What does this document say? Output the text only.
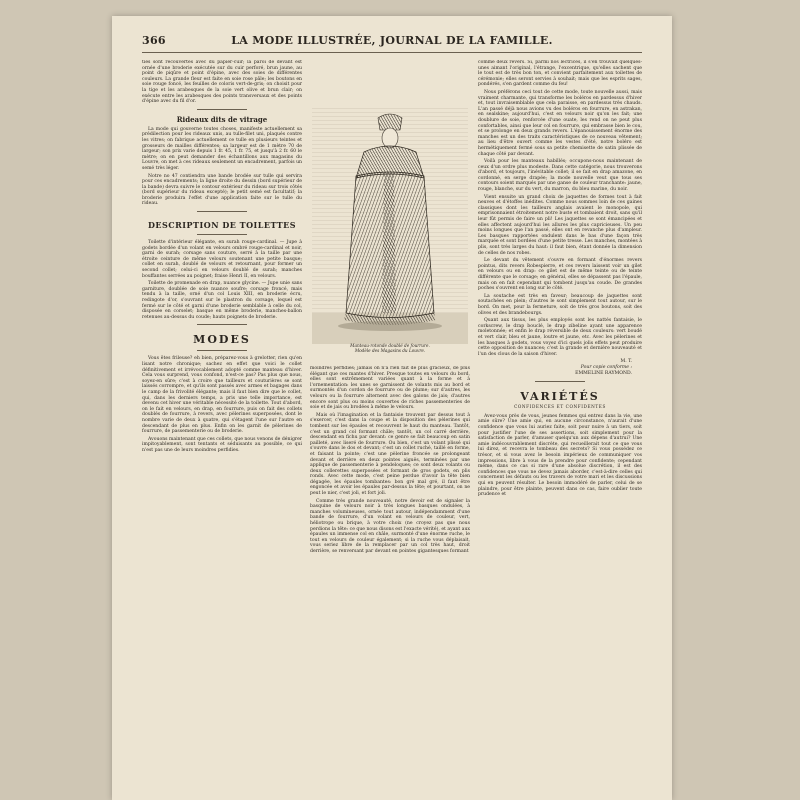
366	LA MODE ILLUSTRÉE, JOURNAL DE LA FAMILLE.

ties sont recouvertes avec du papier-cuir; la paroi de devant est ornée d'une broderie exécutée sur du cuir perforé, brun jaune, au point de piqûre et point d'épine, avec des soies de différentes couleurs. La grande fleur est faite en soie rose pâle; les boutons en soie rouge foncé, les feuilles de coloris vert-de-gris; on choisit pour la tige et les arabesques de la soie vert olive et brun clair; on exécute entre les arabesques des points transversaux et des points d'épine avec du fil d'or.

Rideaux dits de vitrage

La mode qui gouverne toutes choses, manifeste actuellement sa prédilection pour les rideaux unis, au tulle-filet uni, plaqués contre les vitres; on fabrique actuellement ce tulle en plusieurs teintes et grosseurs de mailles différentes; sa largeur est de 1 mètre 70 de largeur; son prix varie depuis 1 fr. 45, 1 fr. 75, et jusqu'à 2 fr. 60 le mètre; on en peut demander des échantillons aux magasins du Louvre, on met à ces rideaux seulement un encadrement, parfois un semé très léger.

Notre no 47 contiendra une bande brodée sur tulle qui servira pour ces encadrements; la ligne droite du dessin (bord supérieur de la bande) devra suivre le contour extérieur du rideau sur trois côtés (bord supérieur du rideau excepté); le petit semé est facultatif; la broderie produira l'effet d'une application faite sur le tulle du rideau.

DESCRIPTION DE TOILETTES

Toilette d'intérieur élégante, en surah rouge-cardinal. — Jupe à godets bordée d'un volant en velours ombré rouge-cardinal et noir, garni de surah; corsage sans couture, serré à la taille par une étroite ceinture de même velours soutenant une petite basque; collet en surah, doublé de velours et retournant, pour former un second collet; celui-ci en velours doublé de surah; manches bouffantes serrées au poignet; fraise Henri II, en velours.

Toilette de promenade en drap, nuance glycine. — Jupe unie sans garniture, doublée de soie nuance soufre; corsage froncé, mais tendu à la taille, orné d'un col Louis XIII, en broderie écru, redingote d'or, s'ouvrant sur le plastron du corsage, lequel est fermé sur le côté et garni d'une broderie semblable à celle du col, disposée en corselet; basque en même broderie, manches-ballon retenues au-dessus du coude; hauts poignets de broderie.

MODES

Vous êtes frileuse? eh bien, préparez-vous à grelotter, rien qu'en lisant notre chronique; sachez en effet que voici le collet définitivement et irrévocablement adopté comme manteau d'hiver. Cela vous surprend, vous confond, n'est-ce pas? Pas plus que nous, soyez-en sûre; c'est à croire que tailleurs et couturières se sont laissés corrompre, et qu'ils sont passés avec armes et bagages dans le camp de la frivolité élégante; mais il faut bien dire que le collet, qui, dans les derniers temps, a pris une telle importance, est devenu cet hiver une véritable nécessité de la toilette. Tout d'abord, on le fait en velours, en drap, en fourrure, puis on fait des collets doublés de fourrure, à revers, avec pèlerines superposées, dont le nombre varie de deux à quatre, qui s'étagent l'une sur l'autre en descendant de plus en plus. Enfin on les garnit de pèlerines de fourrure, de passementerie ou de broderie.

Avouons maintenant que ces collets, que nous venons de dénigrer impitoyablement, sont tentants et séduisants au possible, ce qui n'est pas une de leurs moindres perfidies.

Manteau-rotonde doublé de fourrure.
Modèle des Magasins du Louvre.

moindres perfidies; jamais on n'a rien fait de plus gracieux, de plus élégant que ces mantes d'hiver. Presque toutes en velours du bord, elles sont extrêmement variées quant à la forme et à l'ornementation: les unes se garnissent de volants mis au bord et surmontés d'un cordon de fourrure ou de plume; sur d'autres, les velours ou la fourrure alternent avec des galons de jais; d'autres encore sont plus ou moins couvertes de riches passementeries de soie et de jais ou brodées à même le velours.

Mais où l'imagination et la fantaisie trouvent par dessus tout à s'exercer, c'est dans la coupe et la disposition des pèlerines qui tombent sur les épaules et recouvrent le haut du manteau. Tantôt, c'est un grand col formant châle; tantôt, un col carré derrière, descendant en fichu par devant: ce genre se fait beaucoup en satin pailleté, avec liseré de fourrure. Ou bien, c'est un volant plissé qui s'ouvre dans le dos et devant; c'est un collet ruché, taillé en forme, et faisant la pointe; c'est une pèlerine froncée se prolongeant devant et derrière en deux pointes aiguës, terminées par une applique de passementerie à pendeloques; ce sont deux volants ou deux collerettes superposées et formant de gros godets, en plis ronds. Avec cette mode, c'est peine perdue d'avoir la tête bien dégagée, les épaules tombantes: bon gré mal gré, il faut être engoncée et avoir les épaules par-dessus la tête; et pourtant, on ne peut le nier, c'est joli, et fort joli.

Comme très grande nouveauté, notre devoir est de signaler la basquine de velours noir à très longues basques ondulées, à manches volumineuses, ornée tout autour, indépendamment d'une bande de fourrure, d'un volant en velours de couleur, vert, héliotrope ou brique, à votre choix (ne croyez pas que nous perdions la tête: ce que nous disons est l'exacte vérité), et ayant aux épaules un immense col en châle, surmonté d'une énorme ruche, le tout en velours de couleur également; si la ruche vous déplaisait, vous seriez libre de la remplacer par un col très haut, droit derrière, se renversant par devant en pointes gigantesques formant

comme deux revers. Si, parmi nos lectrices, il s'en trouvait quelques-unes aimant l'original, l'étrange, l'excentrique, qu'elles sachent que le tout est de très bon ton, et convient parfaitement aux toilettes de cérémonie; elles seront servies à souhait; mais que les esprits sages, pondérés, s'en gardent comme du feu!

Nous préférons ceci tout de cette mode, toute nouvelle aussi, mais vraiment charmante, qui transforme les boléros en pardessus d'hiver et, tout invraisemblable que cela paraisse, en pardessus très chauds. L'an passé déjà nous avions vu des boléros en fourrure, en astrakan, en sealskine; aujourd'hui, c'est en velours noir qu'on les fait; une doublure de soie, renforcée d'une ouate, les rend on ne peut plus confortables, ainsi que leur col en fourrure, qui embrasse bien le cou, et se prolonge en deux grands revers. L'épanouissement énorme des manches est un des traits caractéristiques de ce nouveau vêtement; au lieu d'être ouvert comme les vestes d'été, notre boléro est hermétiquement fermé sous sa petite chemisette de satin plissée de chaque côté par devant.

Voilà pour les manteaux habillés; occupons-nous maintenant de ceux d'un ordre plus modeste. Dans cette catégorie, nous trouverons d'abord, et toujours, l'inévitable collet; il se fait en drap amazone, en cordonné, en serge drapée; la mode nouvelle veut que tous ses contours soient marqués par une ganse de couleur tranchante: jaune, rouge, blanche, sur du vert, du marron, du bleu marine, du noir.

Vient ensuite un grand choix de jaquettes de formes tout à fait neuves et d'étoffes inédites. Comme nous sommes loin de ces gaines classiques dont les tailleurs anglais avaient le monopole, qui emprisonnaient étroitement notre buste et tombaient droit, sans qu'il leur fût permis de faire un pli! Les jaquettes se sont émancipées et elles affectent aujourd'hui les allures les plus capricieuses. Un peu moins longues que l'an passé, elles ont en revanche plus d'ampleur. Les basques rapportées ondulent dans le bas d'une façon très marquée et sont bordées d'une petite tresse. Les manches, montées à plis, sont très larges du haut: il faut bien, étant donnée la dimension de celles de nos robes.

Le devant du vêtement s'ouvre en formant d'énormes revers pointus, dits revers Robespierre, et ces revers laissent voir un gilet en velours ou en drap: ce gilet est de même teinte ou de teinte différente que le corsage; en général, elles se dépassent pas l'épaule, mais on en fait cependant qui tombent jusqu'au coude. De grandes poches s'ouvrent en long sur le côté.

La soutache est très en faveur; beaucoup de jaquettes sont soutachées en plein; d'autres le sont simplement tout autour, sur le bord. On met, pour la fermeture, soit de très gros boutons, soit des olives et des brandebourgs.

Quant aux tissus, les plus employés sont les nattés fantaisie, le corkscrew, le drap bouclé, le drap zibeline ayant une apparence moletonnée; et enfin le drap réversible de deux couleurs: vert boudé et vert clair, bleu et jaune, loutre et jaune, etc. Avec les pèlerines et les basques à godets, vous voyez d'ici quels jolis effets peut produire cette opposition de nuances; c'est la grande et dernière nouveauté et l'un des clous de la saison d'hiver.

M. T.
Pour copie conforme :
EMMELINE RAYMOND.
VARIÉTÉS
CONFIDENCES ET CONFIDENTES

Avez-vous près de vous, jeunes femmes qui entrez dans la vie, une amie sûre? Une amie qui, en aucune circonstance, n'aurait d'une confidence que vous lui auriez faite, soit pour nuire à un tiers, soit pour justifier l'une de ses assertions, soit simplement pour la satisfaction de parler, d'amuser quelqu'un aux dépens d'autrui? Une amie indécouvrablement discrète, qui recueillerait tout ce que vous lui direz, et recevra le tombeau des secrets? Si vous possédez ce trésor, et si vous avez le besoin impérieux de communiquer vos impressions, libre à vous de la prendre pour confidente; cependant même, dans ce cas si rare d'une absolue discrétion, il est des confidences que vous ne devez jamais aborder, c'est-à-dire celles qui concernent les défauts ou les travers de votre mari et les discussions qui en peuvent résulter. Le besoin immodéré de parler, celui de se plaindre, pour être plainte, peuvent dans ce cas, faire oublier toute prudence et
